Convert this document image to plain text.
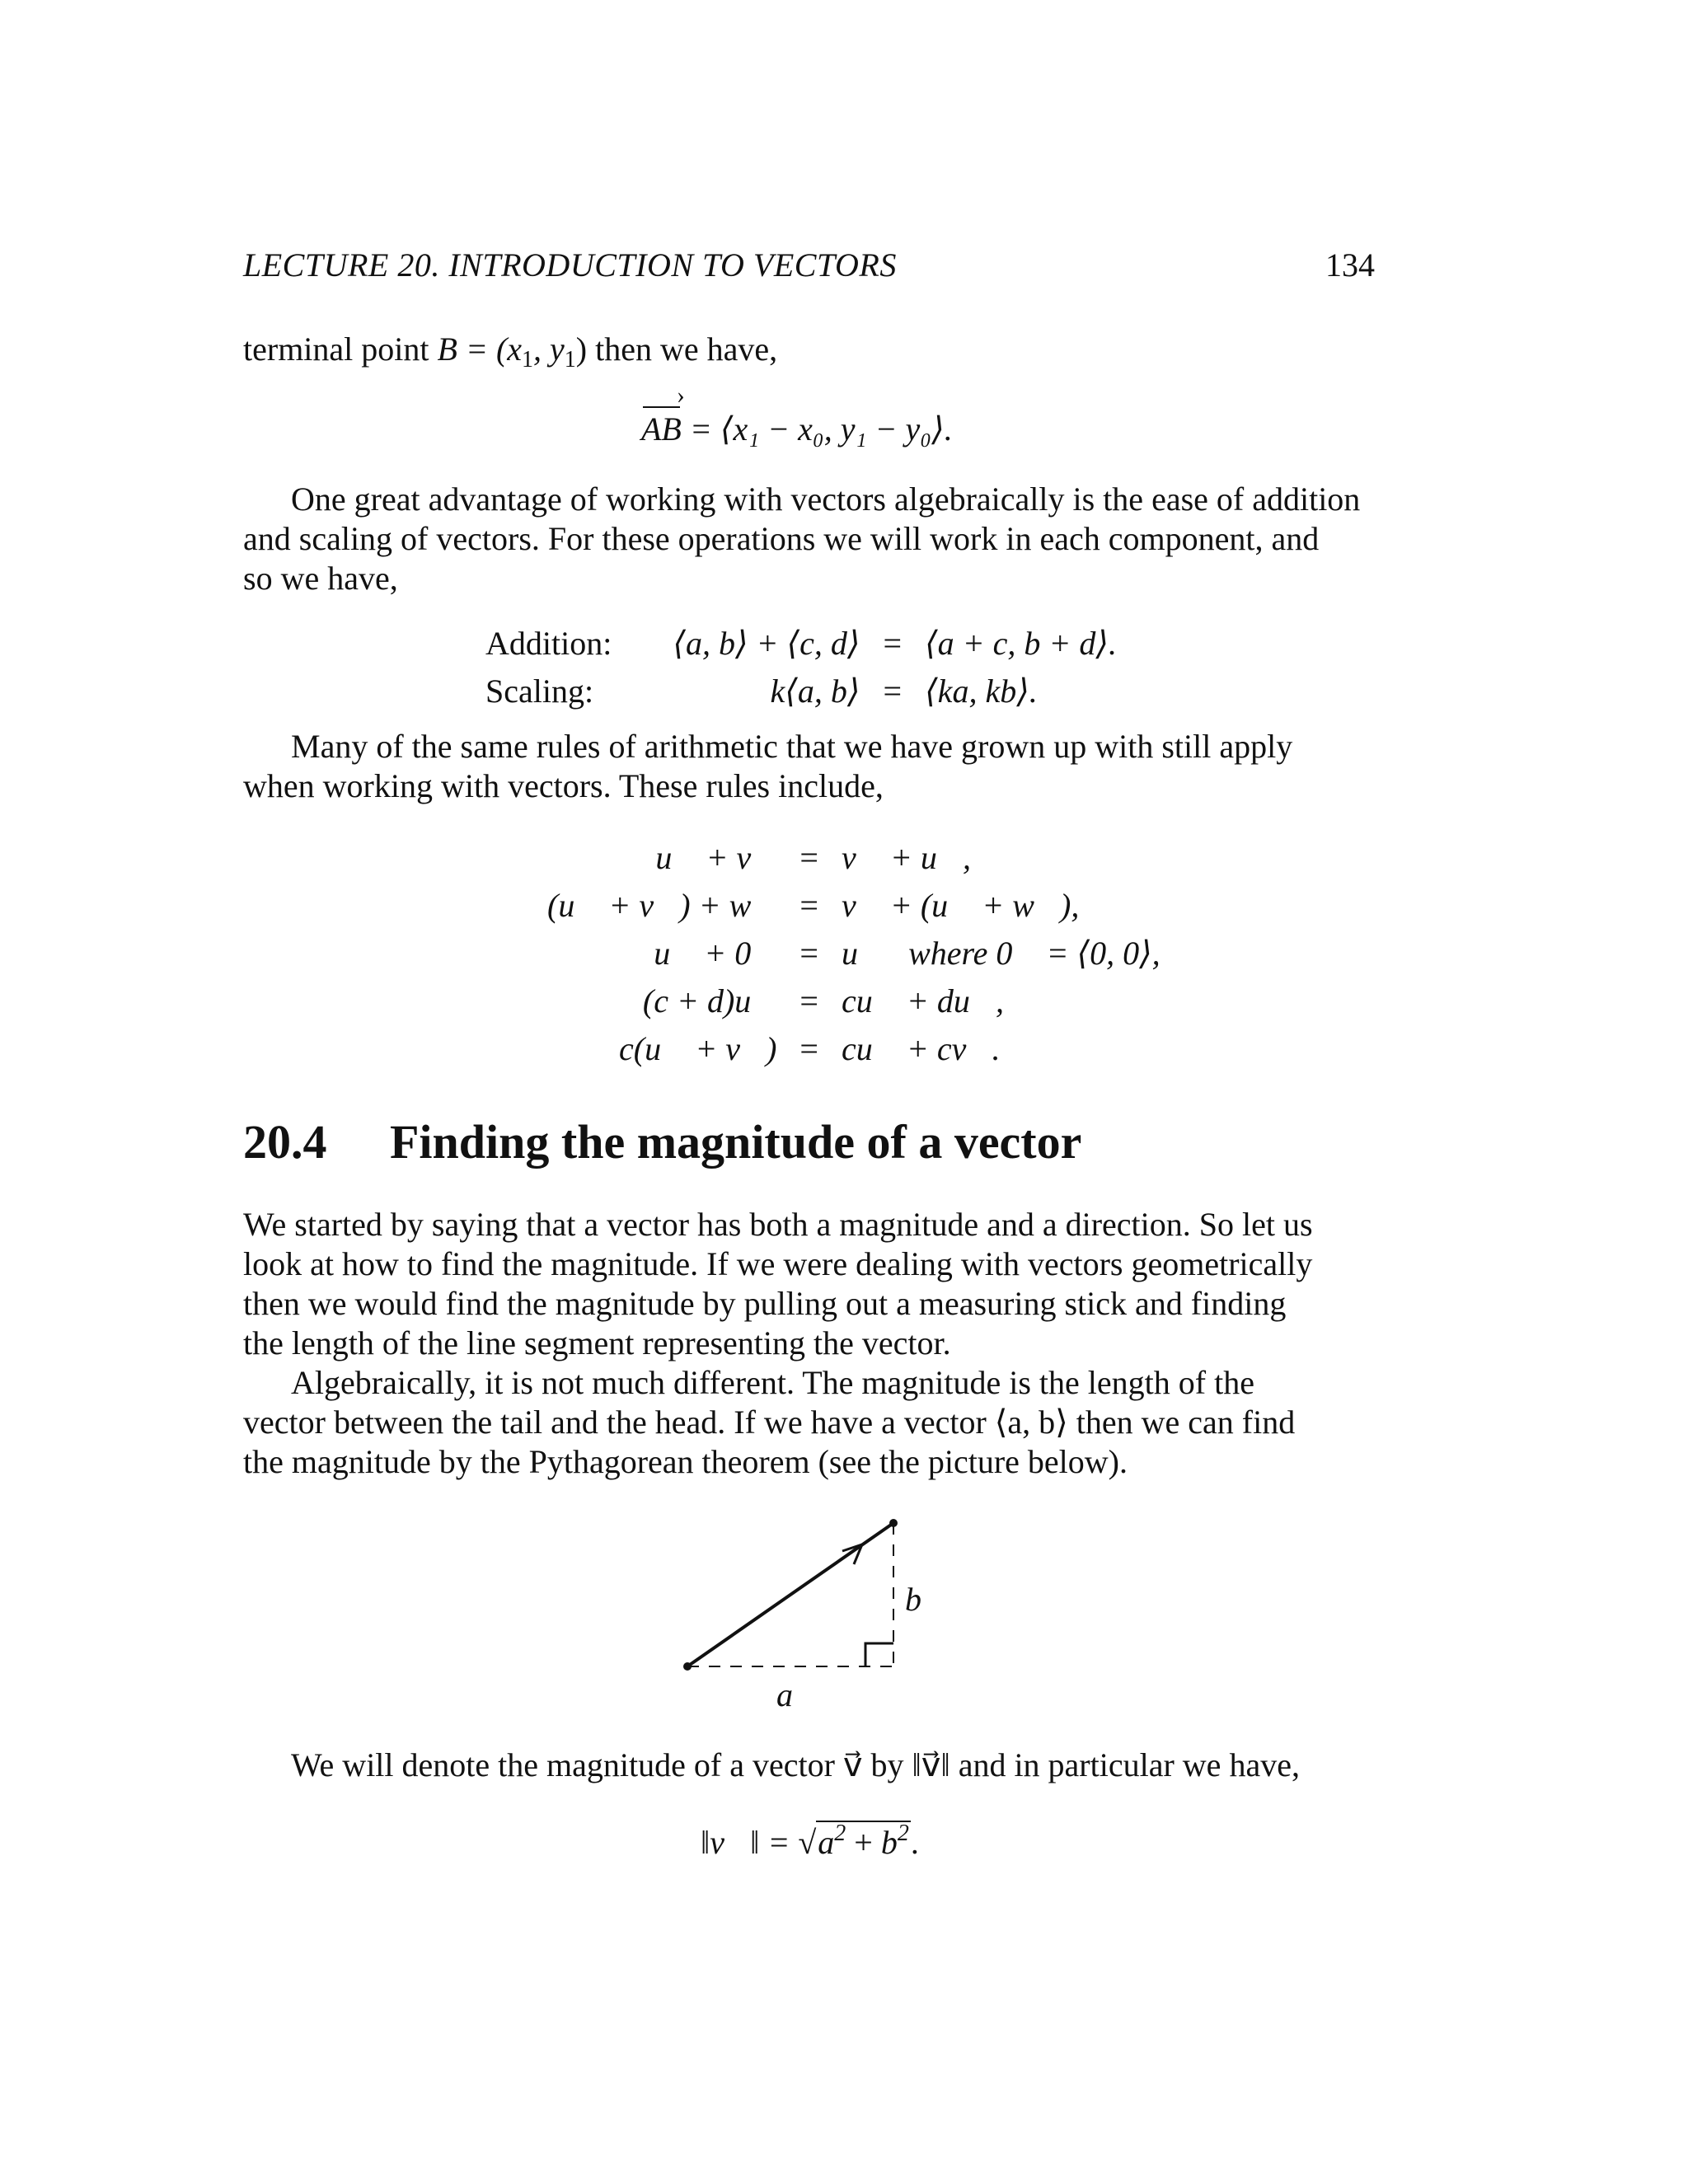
LECTURE 20. INTRODUCTION TO VECTORS	134
terminal point $B = (x_1$, $y_1$) then we have,
AB › = ⟨x₁ − x₀, y₁ − y₀⟩.
One great advantage of working with vectors algebraically is the ease of addition
and scaling of vectors. For these operations we will work in each component, and
so we have,
Addition:	⟨a, b⟩ + ⟨c, d⟩	=	⟨a + c, b + d⟩.
Scaling:	k⟨a, b⟩	=	⟨ka, kb⟩.
Many of the same rules of arithmetic that we have grown up with still apply
when working with vectors. These rules include,
u⃗ + v⃗	=	v⃗ + u⃗,
(u⃗ + v⃗) + w⃗	=	v⃗ + (u⃗ + w⃗),
u⃗ + 0⃗	=	u⃗   where 0⃗ = ⟨0, 0⟩,
(c + d)u⃗	=	cu⃗ + du⃗,
c(u⃗ + v⃗)	=	cu⃗ + cv⃗.
20.4 Finding the magnitude of a vector
We started by saying that a vector has both a magnitude and a direction. So let us
look at how to find the magnitude. If we were dealing with vectors geometrically
then we would find the magnitude by pulling out a measuring stick and finding
the length of the line segment representing the vector.
Algebraically, it is not much different. The magnitude is the length of the
vector between the tail and the head. If we have a vector ⟨a, b⟩ then we can find
the magnitude by the Pythagorean theorem (see the picture below).
a
b
We will denote the magnitude of a vector v⃗ by ‖v⃗‖ and in particular we have,
‖v⃗‖ = $√a^2 + b^2$.
